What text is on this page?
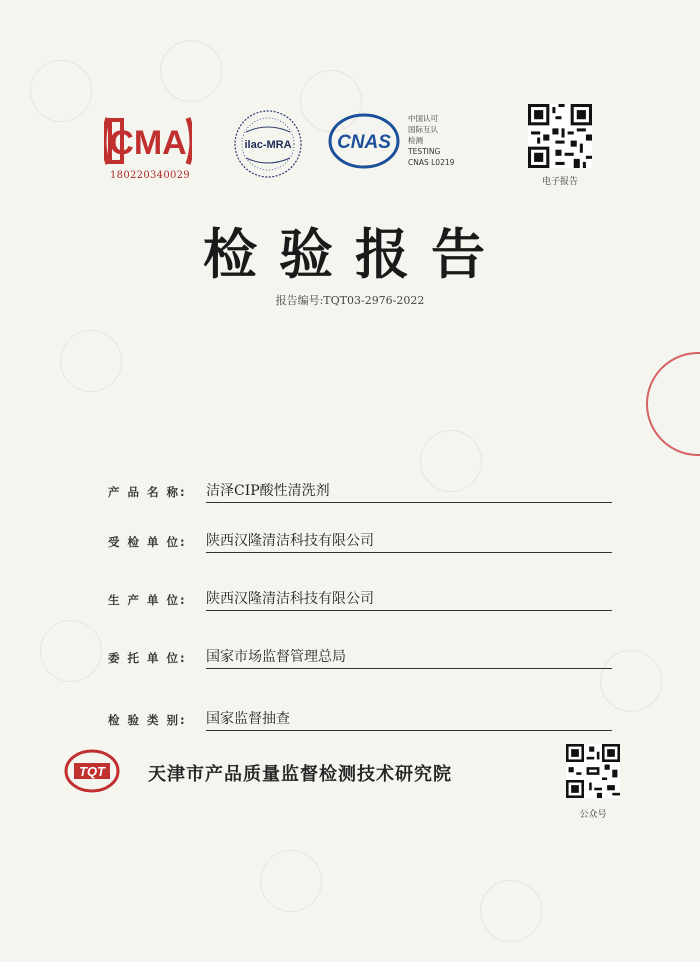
CMA
180220340029
ilac-MRA CNAS
中国认可
国际互认
检测
TESTING
CNAS L0219
电子报告
检验报告
报告编号:TQT03-2976-2022
产 品 名 称:	洁泽CIP酸性清洗剂
受 检 单 位:	陕西汉隆清洁科技有限公司
生 产 单 位:	陕西汉隆清洁科技有限公司
委 托 单 位:	国家市场监督管理总局
检 验 类 别:	国家监督抽查
TQT 天津市产品质量监督检测技术研究院
公众号
